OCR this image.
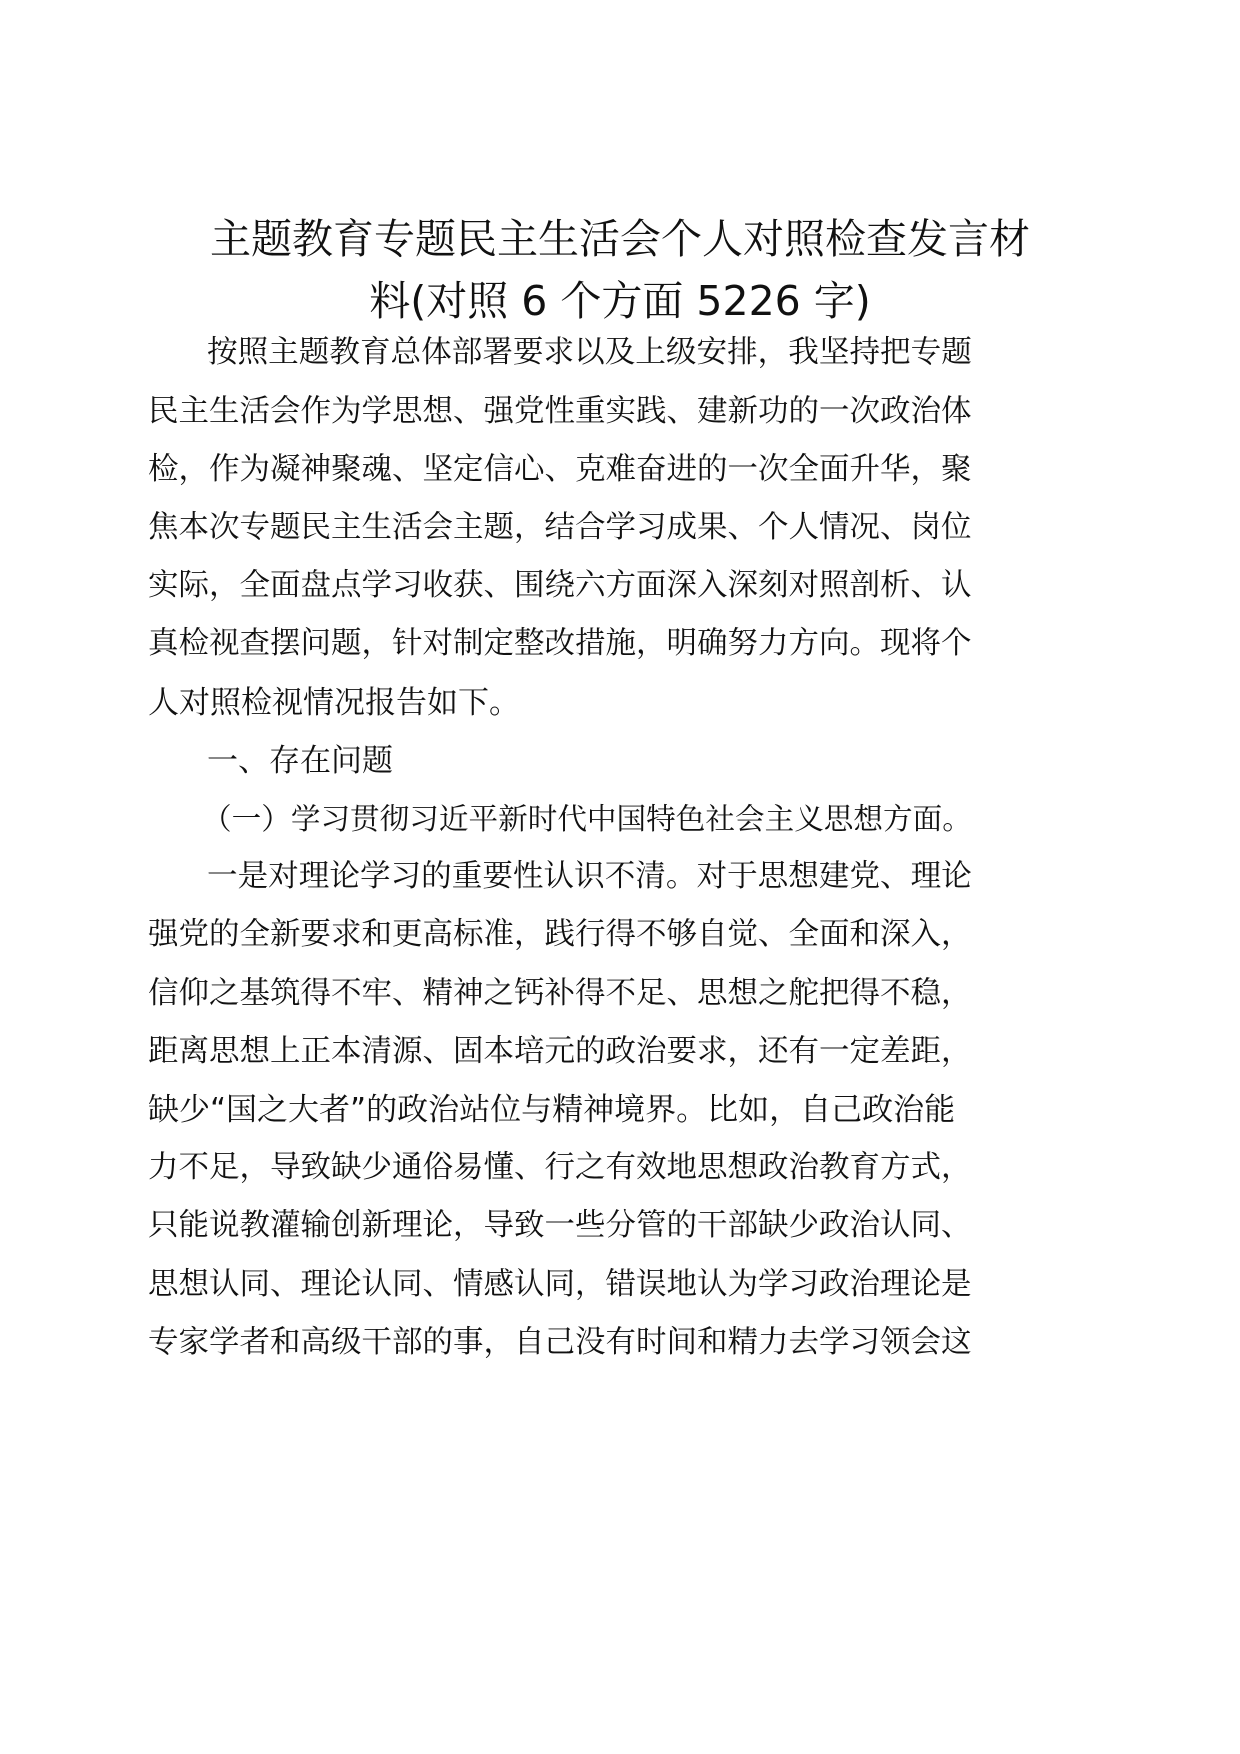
主题教育专题民主生活会个人对照检查发言材
料(对照 6 个方面 5226 字)
按照主题教育总体部署要求以及上级安排，我坚持把专题
民主生活会作为学思想、强党性重实践、建新功的一次政治体
检，作为凝神聚魂、坚定信心、克难奋进的一次全面升华，聚
焦本次专题民主生活会主题，结合学习成果、个人情况、岗位
实际，全面盘点学习收获、围绕六方面深入深刻对照剖析、认
真检视查摆问题，针对制定整改措施，明确努力方向。现将个
人对照检视情况报告如下。
一、存在问题
（一）学习贯彻习近平新时代中国特色社会主义思想方面。
一是对理论学习的重要性认识不清。对于思想建党、理论
强党的全新要求和更高标准，践行得不够自觉、全面和深入，
信仰之基筑得不牢、精神之钙补得不足、思想之舵把得不稳，
距离思想上正本清源、固本培元的政治要求，还有一定差距，
缺少“国之大者”的政治站位与精神境界。比如，自己政治能
力不足，导致缺少通俗易懂、行之有效地思想政治教育方式，
只能说教灌输创新理论，导致一些分管的干部缺少政治认同、
思想认同、理论认同、情感认同，错误地认为学习政治理论是
专家学者和高级干部的事，自己没有时间和精力去学习领会这
